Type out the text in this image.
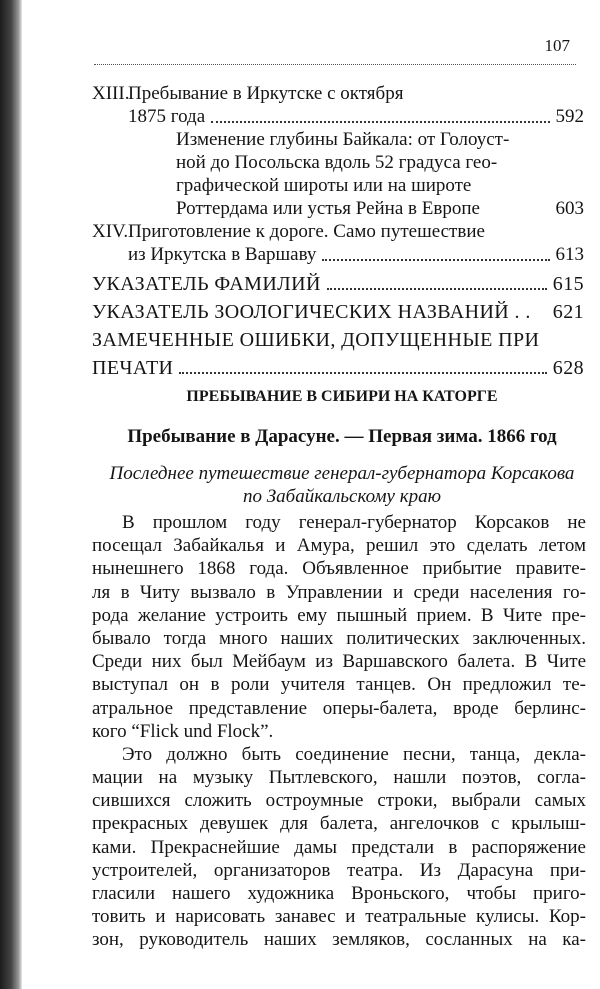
107
XIII.
Пребывание в Иркутске с октября
1875 года	592
Изменение глубины Байкала: от Голоуст-
ной до Посольска вдоль 52 градуса гео-
графической широты или на широте
Роттердама или устья Рейна в Европе	603
XIV. Приготовление к дороге. Само путешествие
из Иркутска в Варшаву	613
УКАЗАТЕЛЬ ФАМИЛИЙ	615
УКАЗАТЕЛЬ ЗООЛОГИЧЕСКИХ НАЗВАНИЙ . . 621
ЗАМЕЧЕННЫЕ ОШИБКИ, ДОПУЩЕННЫЕ ПРИ
ПЕЧАТИ	628
ПРЕБЫВАНИЕ В СИБИРИ НА КАТОРГЕ
Пребывание в Дарасуне. — Первая зима. 1866 год
Последнее путешествие генерал-губернатора Корсакова
по Забайкальскому краю
В прошлом году генерал-губернатор Корсаков не
посещал Забайкалья и Амура, решил это сделать летом
нынешнего 1868 года. Объявленное прибытие правите-
ля в Читу вызвало в Управлении и среди населения го-
рода желание устроить ему пышный прием. В Чите пре-
бывало тогда много наших политических заключенных.
Среди них был Мейбаум из Варшавского балета. В Чите
выступал он в роли учителя танцев. Он предложил те-
атральное представление оперы-балета, вроде берлинс-
кого “Flick und Flock”.
Это должно быть соединение песни, танца, декла-
мации на музыку Пытлевского, нашли поэтов, согла-
сившихся сложить остроумные строки, выбрали самых
прекрасных девушек для балета, ангелочков с крылыш-
ками. Прекраснейшие дамы предстали в распоряжение
устроителей, организаторов театра. Из Дарасуна при-
гласили нашего художника Вроньского, чтобы приго-
товить и нарисовать занавес и театральные кулисы. Кор-
зон, руководитель наших земляков, сосланных на ка-
